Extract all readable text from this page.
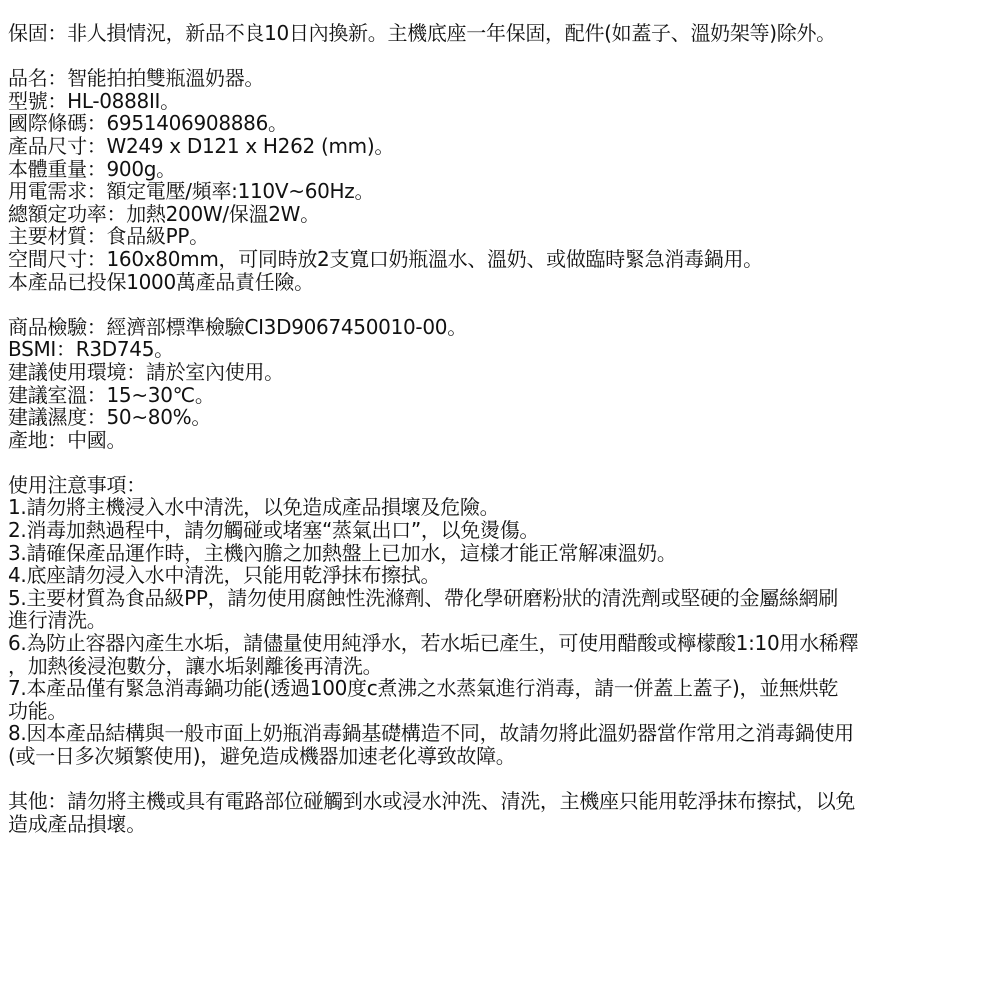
保固：非人損情況，新品不良10日內換新。主機底座一年保固，配件(如蓋子、溫奶架等)除外。
品名：智能拍拍雙瓶溫奶器。
型號：HL-0888II。
國際條碼：6951406908886。
產品尺寸：W249 x D121 x H262 (mm)。
本體重量：900g。
用電需求：額定電壓/頻率:110V~60Hz。
總額定功率：加熱200W/保溫2W。
主要材質：食品級PP。
空間尺寸：160x80mm，可同時放2支寬口奶瓶溫水、溫奶、或做臨時緊急消毒鍋用。
本產品已投保1000萬產品責任險。
商品檢驗：經濟部標準檢驗CI3D9067450010-00。
BSMI：R3D745。
建議使用環境：請於室內使用。
建議室溫：15~30℃。
建議濕度：50~80%。
產地：中國。
使用注意事項：
1.請勿將主機浸入水中清洗，以免造成產品損壞及危險。
2.消毒加熱過程中，請勿觸碰或堵塞“蒸氣出口”，以免燙傷。
3.請確保產品運作時，主機內膽之加熱盤上已加水，這樣才能正常解凍溫奶。
4.底座請勿浸入水中清洗，只能用乾淨抹布擦拭。
5.主要材質為食品級PP，請勿使用腐蝕性洗滌劑、帶化學研磨粉狀的清洗劑或堅硬的金屬絲網刷
進行清洗。
6.為防止容器內產生水垢，請儘量使用純淨水，若水垢已產生，可使用醋酸或檸檬酸1:10用水稀釋
，加熱後浸泡數分，讓水垢剝離後再清洗。
7.本產品僅有緊急消毒鍋功能(透過100度c煮沸之水蒸氣進行消毒，請一併蓋上蓋子)，並無烘乾
功能。
8.因本產品結構與一般市面上奶瓶消毒鍋基礎構造不同，故請勿將此溫奶器當作常用之消毒鍋使用
(或一日多次頻繁使用)，避免造成機器加速老化導致故障。
其他：請勿將主機或具有電路部位碰觸到水或浸水沖洗、清洗，主機座只能用乾淨抹布擦拭，以免
造成產品損壞。
